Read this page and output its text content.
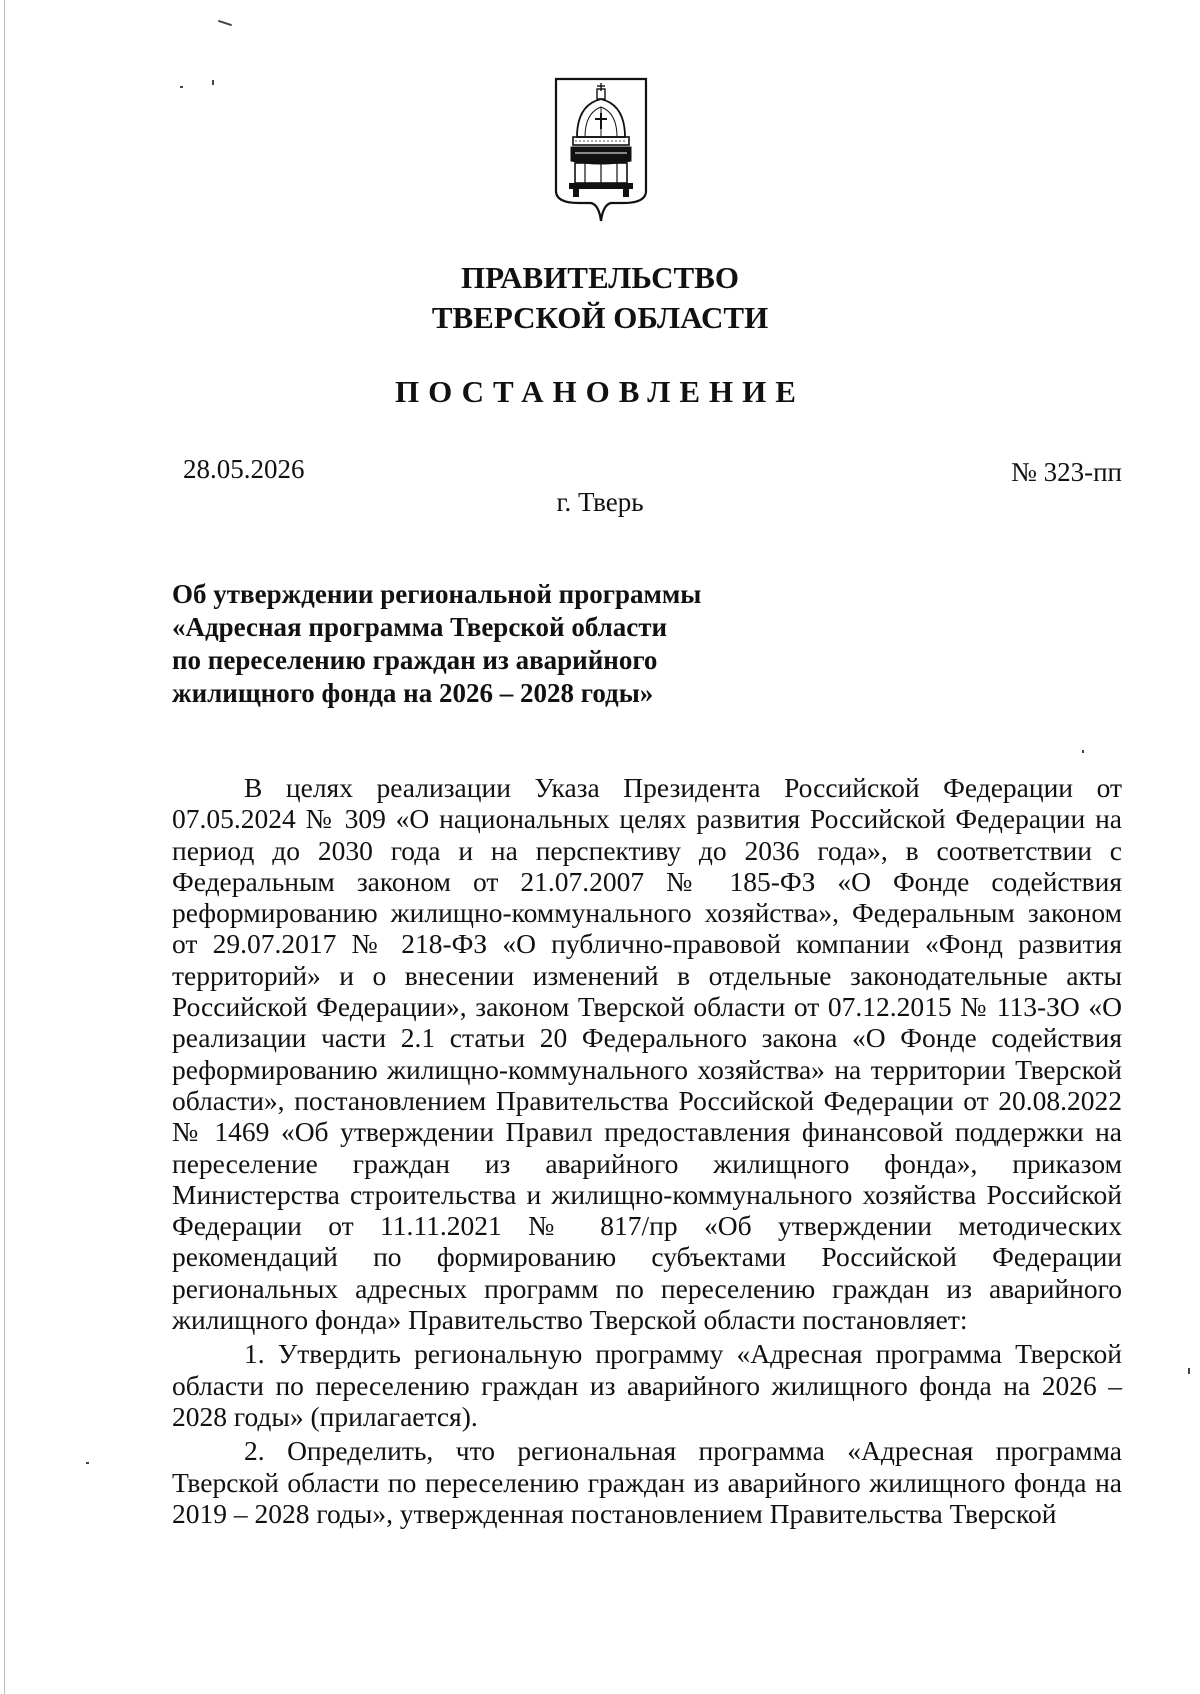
ПРАВИТЕЛЬСТВО
ТВЕРСКОЙ ОБЛАСТИ
ПОСТАНОВЛЕНИЕ
28.05.2026	№ 323-пп
г. Тверь
Об утверждении региональной программы
«Адресная программа Тверской области
по переселению граждан из аварийного
жилищного фонда на 2026 – 2028 годы»

В целях реализации Указа Президента Российской Федерации от 07.05.2024 № 309 «О национальных целях развития Российской Федерации на период до 2030 года и на перспективу до 2036 года», в соответствии с Федеральным законом от 21.07.2007 № 185-ФЗ «О Фонде содействия реформированию жилищно-коммунального хозяйства», Федеральным законом от 29.07.2017 № 218-ФЗ «О публично-правовой компании «Фонд развития территорий» и о внесении изменений в отдельные законодательные акты Российской Федерации», законом Тверской области от 07.12.2015 № 113-ЗО «О реализации части 2.1 статьи 20 Федерального закона «О Фонде содействия реформированию жилищно-коммунального хозяйства» на территории Тверской области», постановлением Правительства Российской Федерации от 20.08.2022 № 1469 «Об утверждении Правил предоставления финансовой поддержки на переселение граждан из аварийного жилищного фонда», приказом Министерства строительства и жилищно-коммунального хозяйства Российской Федерации от 11.11.2021 № 817/пр «Об утверждении методических рекомендаций по формированию субъектами Российской Федерации региональных адресных программ по переселению граждан из аварийного жилищного фонда» Правительство Тверской области постановляет:

1. Утвердить региональную программу «Адресная программа Тверской области по переселению граждан из аварийного жилищного фонда на 2026 – 2028 годы» (прилагается).

2. Определить, что региональная программа «Адресная программа Тверской области по переселению граждан из аварийного жилищного фонда на 2019 – 2028 годы», утвержденная постановлением Правительства Тверской
